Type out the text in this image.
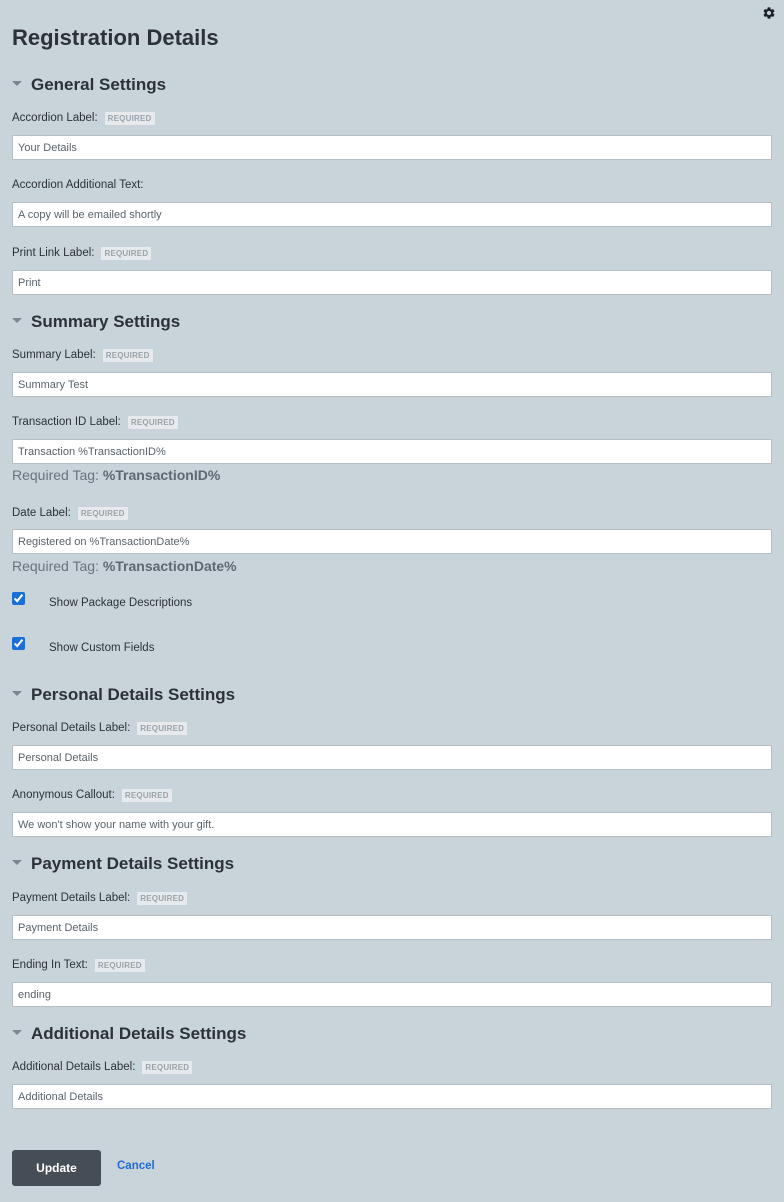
Registration Details
General Settings
Accordion Label:	REQUIRED
Your Details
Accordion Additional Text:
A copy will be emailed shortly
Print Link Label:	REQUIRED
Print
Summary Settings
Summary Label:	REQUIRED
Summary Test
Transaction ID Label:	REQUIRED
Transaction %TransactionID%
Required Tag: %TransactionID%
Date Label:	REQUIRED
Registered on %TransactionDate%
Required Tag: %TransactionDate%
Show Package Descriptions
Show Custom Fields
Personal Details Settings
Personal Details Label:	REQUIRED
Personal Details
Anonymous Callout:	REQUIRED
We won't show your name with your gift.
Payment Details Settings
Payment Details Label:	REQUIRED
Payment Details
Ending In Text:	REQUIRED
ending
Additional Details Settings
Additional Details Label:	REQUIRED
Additional Details
Update	Cancel
